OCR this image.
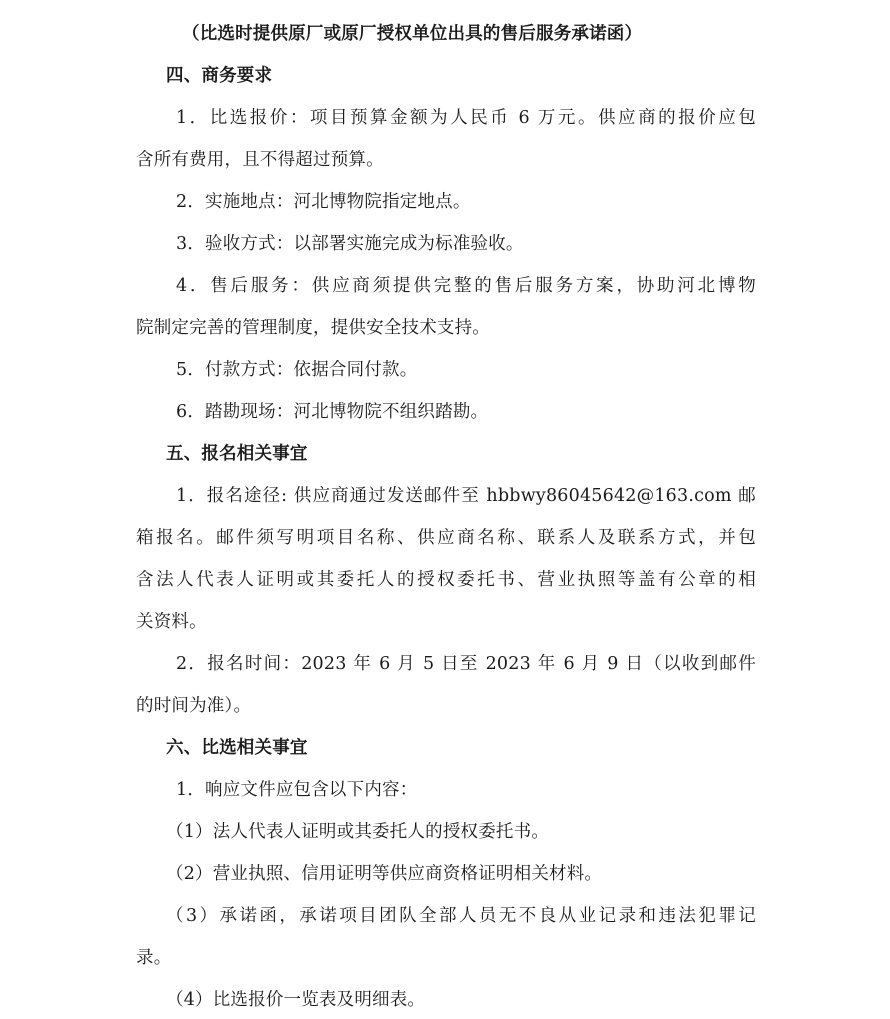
（比选时提供原厂或原厂授权单位出具的售后服务承诺函）
四、商务要求
1．比选报价：项目预算金额为人民币 6 万元。供应商的报价应包
含所有费用，且不得超过预算。
2．实施地点：河北博物院指定地点。
3．验收方式：以部署实施完成为标准验收。
4．售后服务：供应商须提供完整的售后服务方案，协助河北博物
院制定完善的管理制度，提供安全技术支持。
5．付款方式：依据合同付款。
6．踏勘现场：河北博物院不组织踏勘。
五、报名相关事宜
1．报名途径: 供应商通过发送邮件至 hbbwy86045642@163.com 邮
箱报名。邮件须写明项目名称、供应商名称、联系人及联系方式，并包
含法人代表人证明或其委托人的授权委托书、营业执照等盖有公章的相
关资料。
2．报名时间：2023 年 6 月 5 日至 2023 年 6 月 9 日（以收到邮件
的时间为准）。
六、比选相关事宜
1．响应文件应包含以下内容：
（1）法人代表人证明或其委托人的授权委托书。
（2）营业执照、信用证明等供应商资格证明相关材料。
（3）承诺函，承诺项目团队全部人员无不良从业记录和违法犯罪记
录。
（4）比选报价一览表及明细表。
